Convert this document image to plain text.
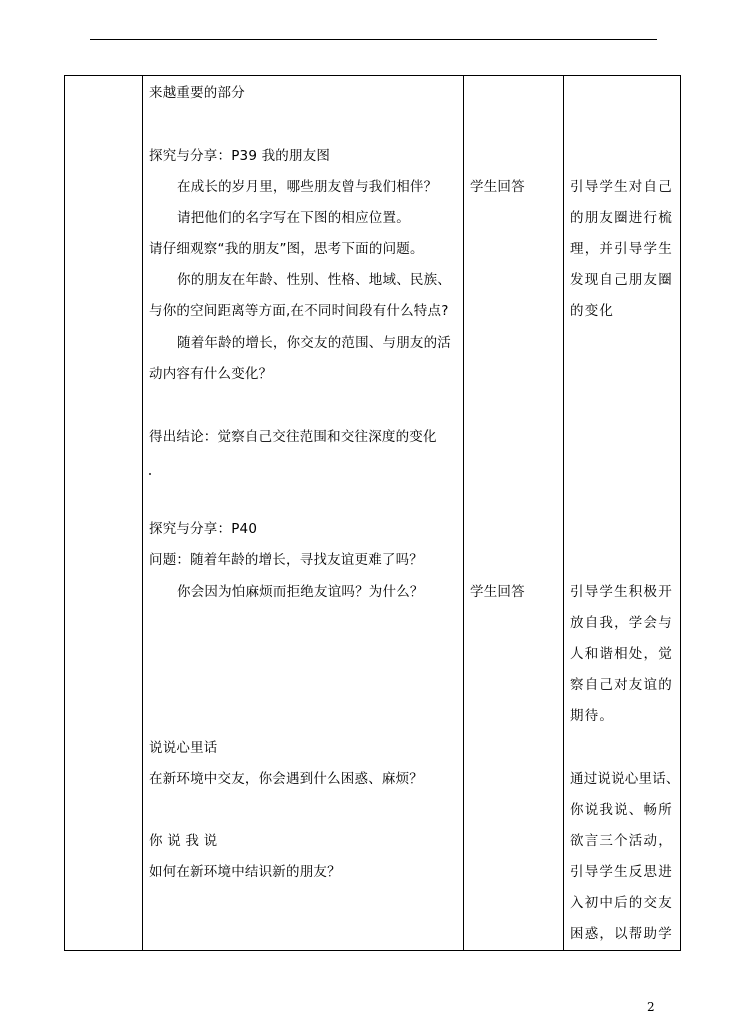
来越重要的部分
探究与分享：P39 我的朋友图
在成长的岁月里，哪些朋友曾与我们相伴？
请把他们的名字写在下图的相应位置。
请仔细观察“我的朋友”图，思考下面的问题。
你的朋友在年龄、性别、性格、地域、民族、
与你的空间距离等方面,在不同时间段有什么特点?
随着年龄的增长，你交友的范围、与朋友的活
动内容有什么变化？
得出结论：觉察自己交往范围和交往深度的变化
探究与分享：P40
问题：随着年龄的增长，寻找友谊更难了吗？
你会因为怕麻烦而拒绝友谊吗？为什么？
说说心里话
在新环境中交友，你会遇到什么困惑、麻烦？
你 说 我 说
如何在新环境中结识新的朋友？
学生回答
学生回答
引导学生对自己
的朋友圈进行梳
理，并引导学生
发现自己朋友圈
的变化
引导学生积极开
放自我，学会与
人和谐相处，觉
察自己对友谊的
期待。
通过说说心里话、
你说我说、畅所
欲言三个活动，
引导学生反思进
入初中后的交友
困惑，以帮助学
2
